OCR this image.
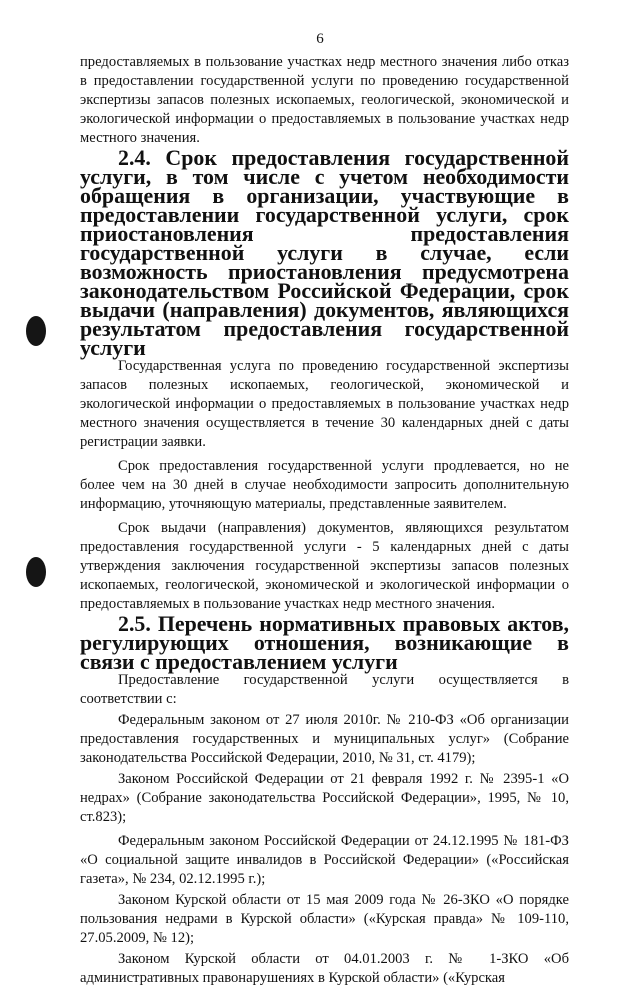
6

предоставляемых в пользование участках недр местного значения либо отказ в предоставлении государственной услуги по проведению государственной экспертизы запасов полезных ископаемых, геологической, экономической и экологической информации о предоставляемых в пользование участках недр местного значения.

2.4. Срок предоставления государственной услуги, в том числе с учетом необходимости обращения в организации, участвующие в предоставлении государственной услуги, срок приостановления предоставления государственной услуги в случае, если возможность приостановления предусмотрена законодательством Российской Федерации, срок выдачи (направления) документов, являющихся результатом предоставления государственной услуги

Государственная услуга по проведению государственной экспертизы запасов полезных ископаемых, геологической, экономической и экологической информации о предоставляемых в пользование участках недр местного значения осуществляется в течение 30 календарных дней с даты регистрации заявки.

Срок предоставления государственной услуги продлевается, но не более чем на 30 дней в случае необходимости запросить дополнительную информацию, уточняющую материалы, представленные заявителем.

Срок выдачи (направления) документов, являющихся результатом предоставления государственной услуги - 5 календарных дней с даты утверждения заключения государственной экспертизы запасов полезных ископаемых, геологической, экономической и экологической информации о предоставляемых в пользование участках недр местного значения.

2.5. Перечень нормативных правовых актов, регулирующих отношения, возникающие в связи с предоставлением услуги

Предоставление государственной услуги осуществляется в соответствии с:

Федеральным законом от 27 июля 2010г. № 210-ФЗ «Об организации предоставления государственных и муниципальных услуг» (Собрание законодательства Российской Федерации, 2010, № 31, ст. 4179);

Законом Российской Федерации от 21 февраля 1992 г. № 2395-1 «О недрах» (Собрание законодательства Российской Федерации», 1995, № 10, ст.823);

Федеральным законом Российской Федерации от 24.12.1995 № 181-ФЗ «О социальной защите инвалидов в Российской Федерации» («Российская газета», № 234, 02.12.1995 г.);

Законом Курской области от 15 мая 2009 года № 26-ЗКО «О порядке пользования недрами в Курской области» («Курская правда» № 109-110, 27.05.2009, № 12);

Законом Курской области от 04.01.2003 г. № 1-ЗКО «Об административных правонарушениях в Курской области» («Курская
